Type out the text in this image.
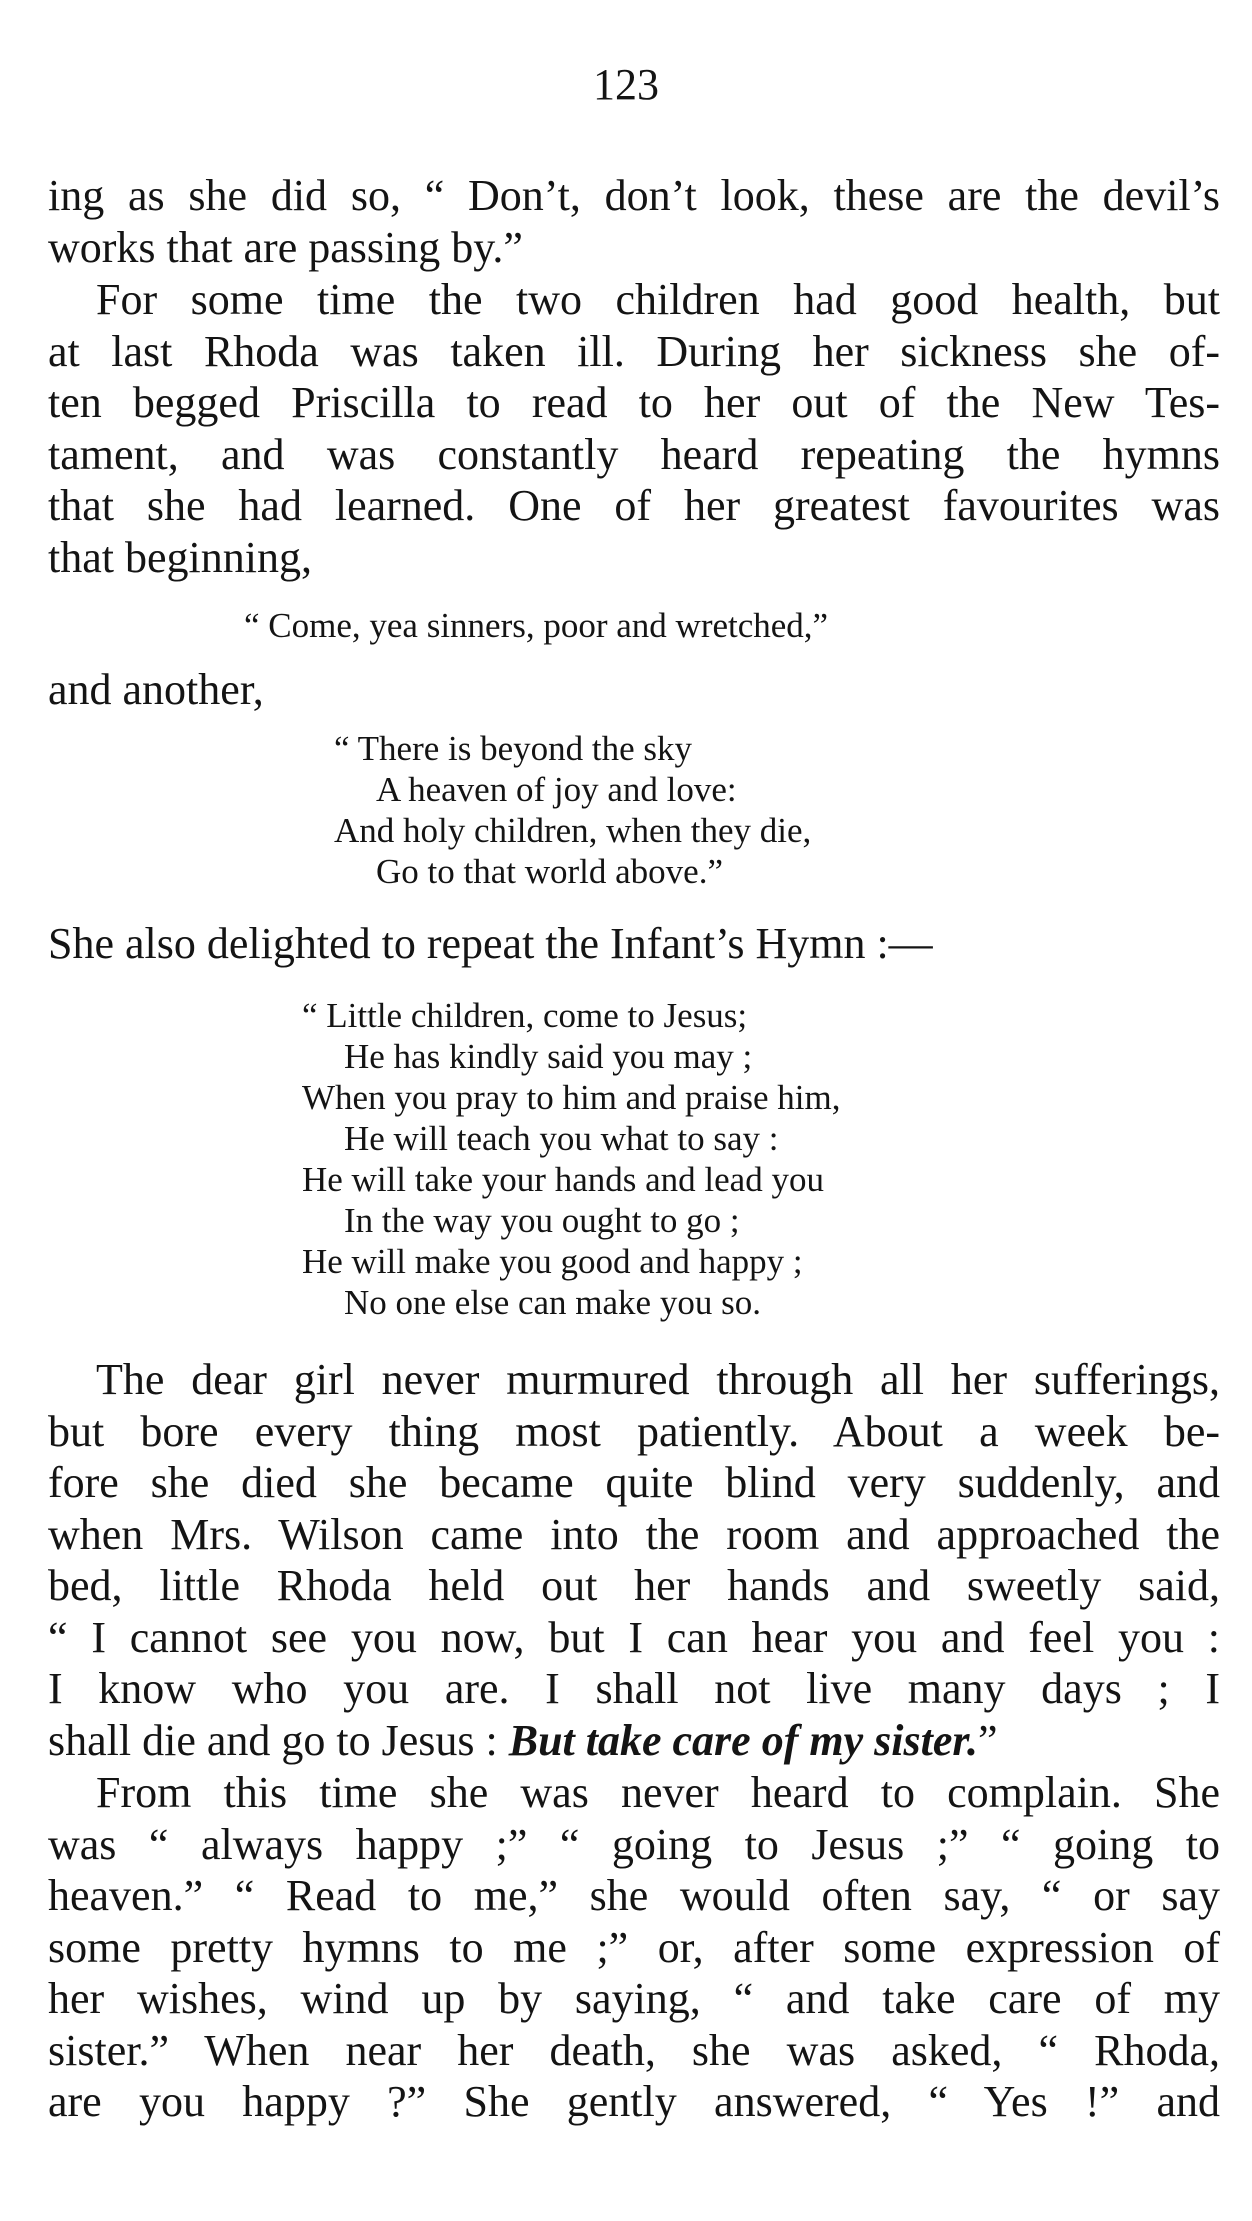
123

ing as she did so, “ Don’t, don’t look, these are the devil’s

works that are passing by.”

For some time the two children had good health, but

at last Rhoda was taken ill. During her sickness she of-

ten begged Priscilla to read to her out of the New Tes-

tament, and was constantly heard repeating the hymns

that she had learned. One of her greatest favourites was

that beginning,

“ Come, yea sinners, poor and wretched,”

and another,

“ There is beyond the sky

A heaven of joy and love:

And holy children, when they die,

Go to that world above.”

She also delighted to repeat the Infant’s Hymn :—

“ Little children, come to Jesus;

He has kindly said you may ;

When you pray to him and praise him,

He will teach you what to say :

He will take your hands and lead you

In the way you ought to go ;

He will make you good and happy ;

No one else can make you so.

The dear girl never murmured through all her sufferings,

but bore every thing most patiently. About a week be-

fore she died she became quite blind very suddenly, and

when Mrs. Wilson came into the room and approached the

bed, little Rhoda held out her hands and sweetly said,

“ I cannot see you now, but I can hear you and feel you :

I know who you are. I shall not live many days ; I

shall die and go to Jesus : But take care of my sister.”

From this time she was never heard to complain. She

was “ always happy ;” “ going to Jesus ;” “ going to

heaven.” “ Read to me,” she would often say, “ or say

some pretty hymns to me ;” or, after some expression of

her wishes, wind up by saying, “ and take care of my

sister.” When near her death, she was asked, “ Rhoda,

are you happy ?” She gently answered, “ Yes !” and
